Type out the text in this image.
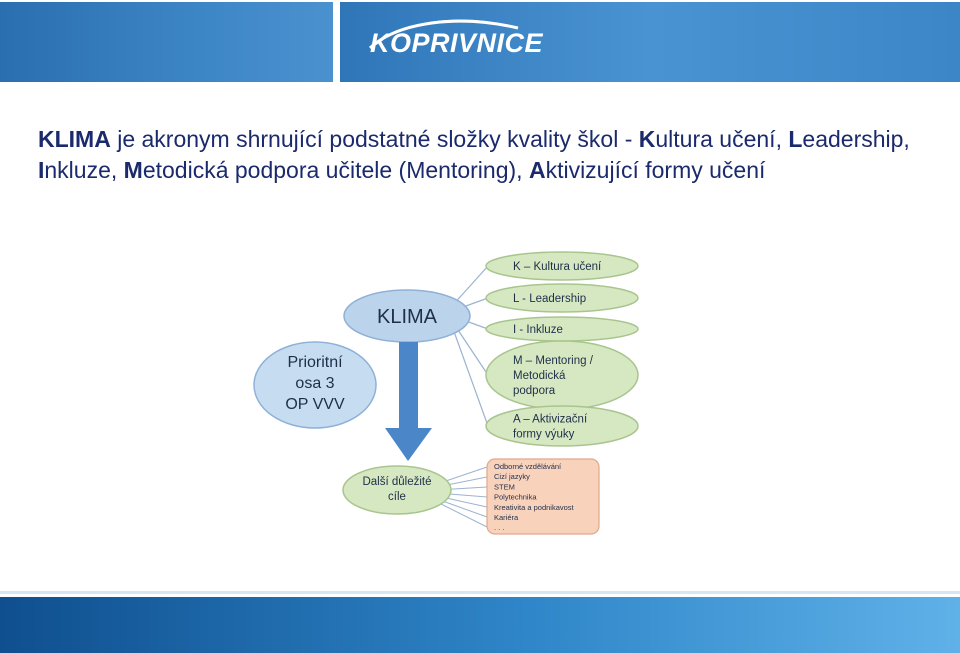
KOPRIVNICE
KLIMA je akronym shrnující podstatné složky kvality škol - Kultura učení, Leadership, Inkluze, Metodická podpora učitele (Mentoring), Aktivizující formy učení
K – Kultura učení
L - Leadership
I - Inkluze
M – Mentoring /
Metodická
podpora
A – Aktivizační
formy výuky
KLIMA
Prioritní
osa 3
OP VVV
Další důležité
cíle
Odborné vzdělávání
Cizí jazyky
STEM
Polytechnika
Kreativita a podnikavost
Kariéra
. . .
